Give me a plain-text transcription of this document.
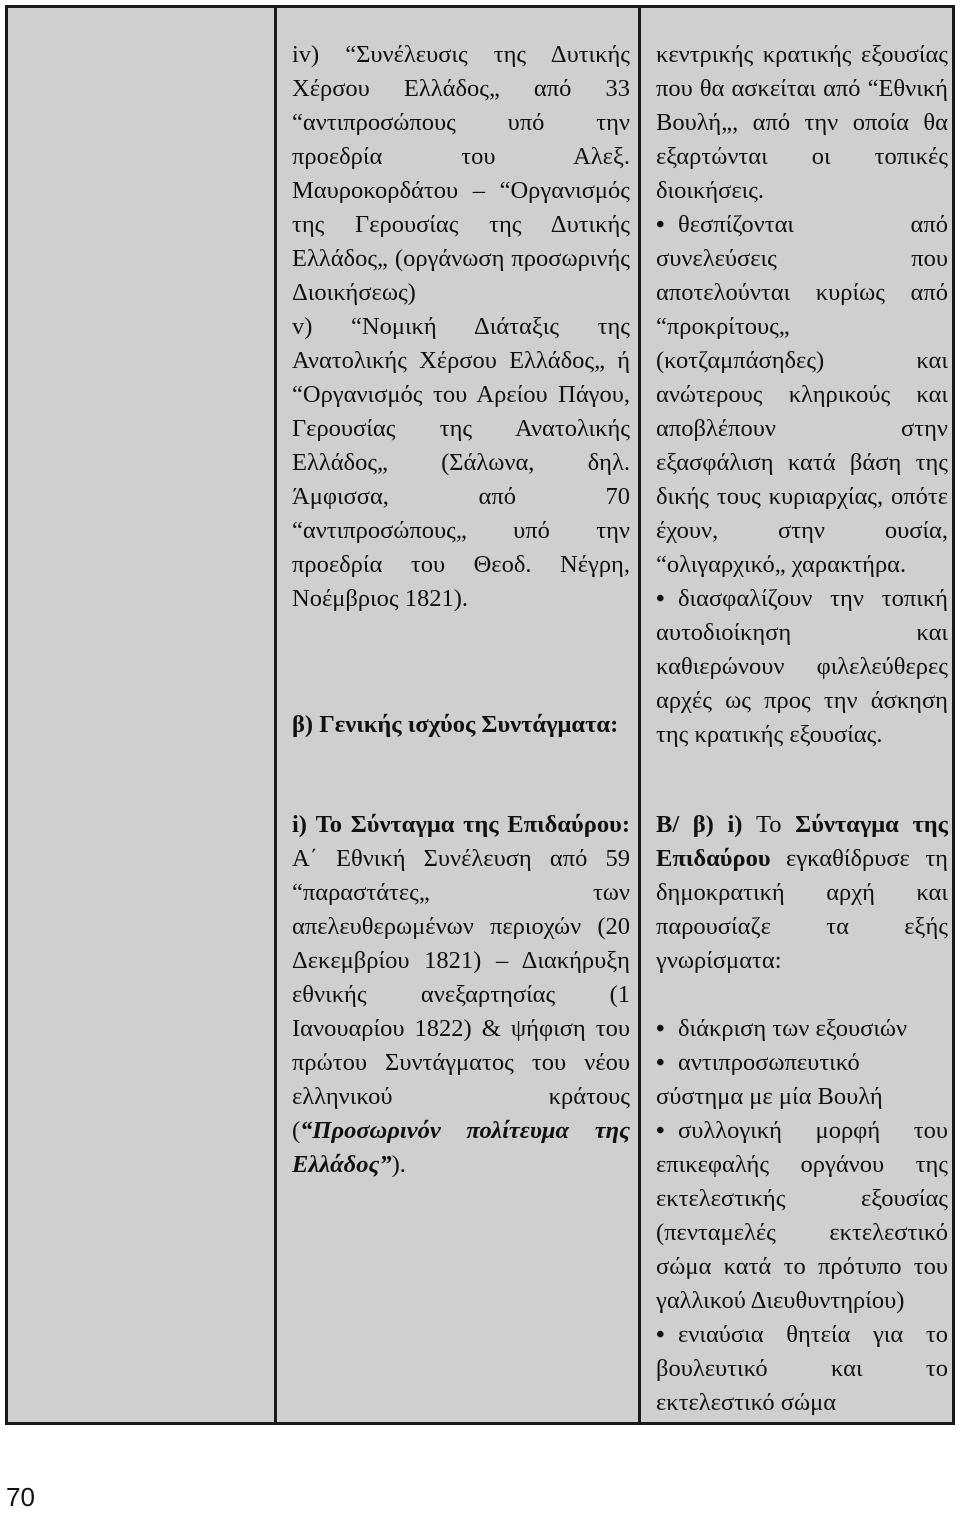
iv) “Συνέλευσις της Δυτικής Χέρσου Ελλάδος„ από 33 “αντιπροσώπους υπό την προεδρία του Αλεξ. Μαυροκορδάτου – “Οργανισμός της Γερουσίας της Δυτικής Ελλάδος„ (οργάνωση προσωρινής Διοικήσεως)

v) “Νομική Διάταξις της Ανατολικής Χέρσου Ελλάδος„ ή “Οργανισμός του Αρείου Πάγου, Γερουσίας της Ανατολικής Ελλάδος„ (Σάλωνα, δηλ. Άμφισσα, από 70 “αντιπροσώπους„ υπό την προεδρία του Θεοδ. Νέγρη, Νοέμβριος 1821).

β) Γενικής ισχύος Συντάγματα:

i) Το Σύνταγμα της Επιδαύρου: Α΄ Εθνική Συνέλευση από 59 “παραστάτες„ των απελευθερωμένων περιοχών (20 Δεκεμβρίου 1821) – Διακήρυξη εθνικής ανεξαρτησίας (1 Ιανουαρίου 1822) & ψήφιση του πρώτου Συντάγματος του νέου ελληνικού κράτους (“Προσωρινόν πολίτευμα της Ελλάδος”).

κεντρικής κρατικής εξουσίας που θα ασκείται από “Εθνική Βουλή„, από την οποία θα εξαρτώνται οι τοπικές διοικήσεις.

• θεσπίζονται από συνελεύσεις που αποτελούνται κυρίως από “προκρίτους„ (κοτζαμπάσηδες) και ανώτερους κληρικούς και αποβλέπουν στην εξασφάλιση κατά βάση της δικής τους κυριαρχίας, οπότε έχουν, στην ουσία, “ολιγαρχικό„ χαρακτήρα.
• διασφαλίζουν την τοπική αυτοδιοίκηση και καθιερώνουν φιλελεύθερες αρχές ως προς την άσκηση της κρατικής εξουσίας.

Β/ β) i) Το Σύνταγμα της Επιδαύρου εγκαθίδρυσε τη δημοκρατική αρχή και παρουσίαζε τα εξής γνωρίσματα:

• διάκριση των εξουσιών
• αντιπροσωπευτικό σύστημα με μία Βουλή
• συλλογική μορφή του επικεφαλής οργάνου της εκτελεστικής εξουσίας (πενταμελές εκτελεστικό σώμα κατά το πρότυπο του γαλλικού Διευθυντηρίου)
• ενιαύσια θητεία για το βουλευτικό και το εκτελεστικό σώμα
70
